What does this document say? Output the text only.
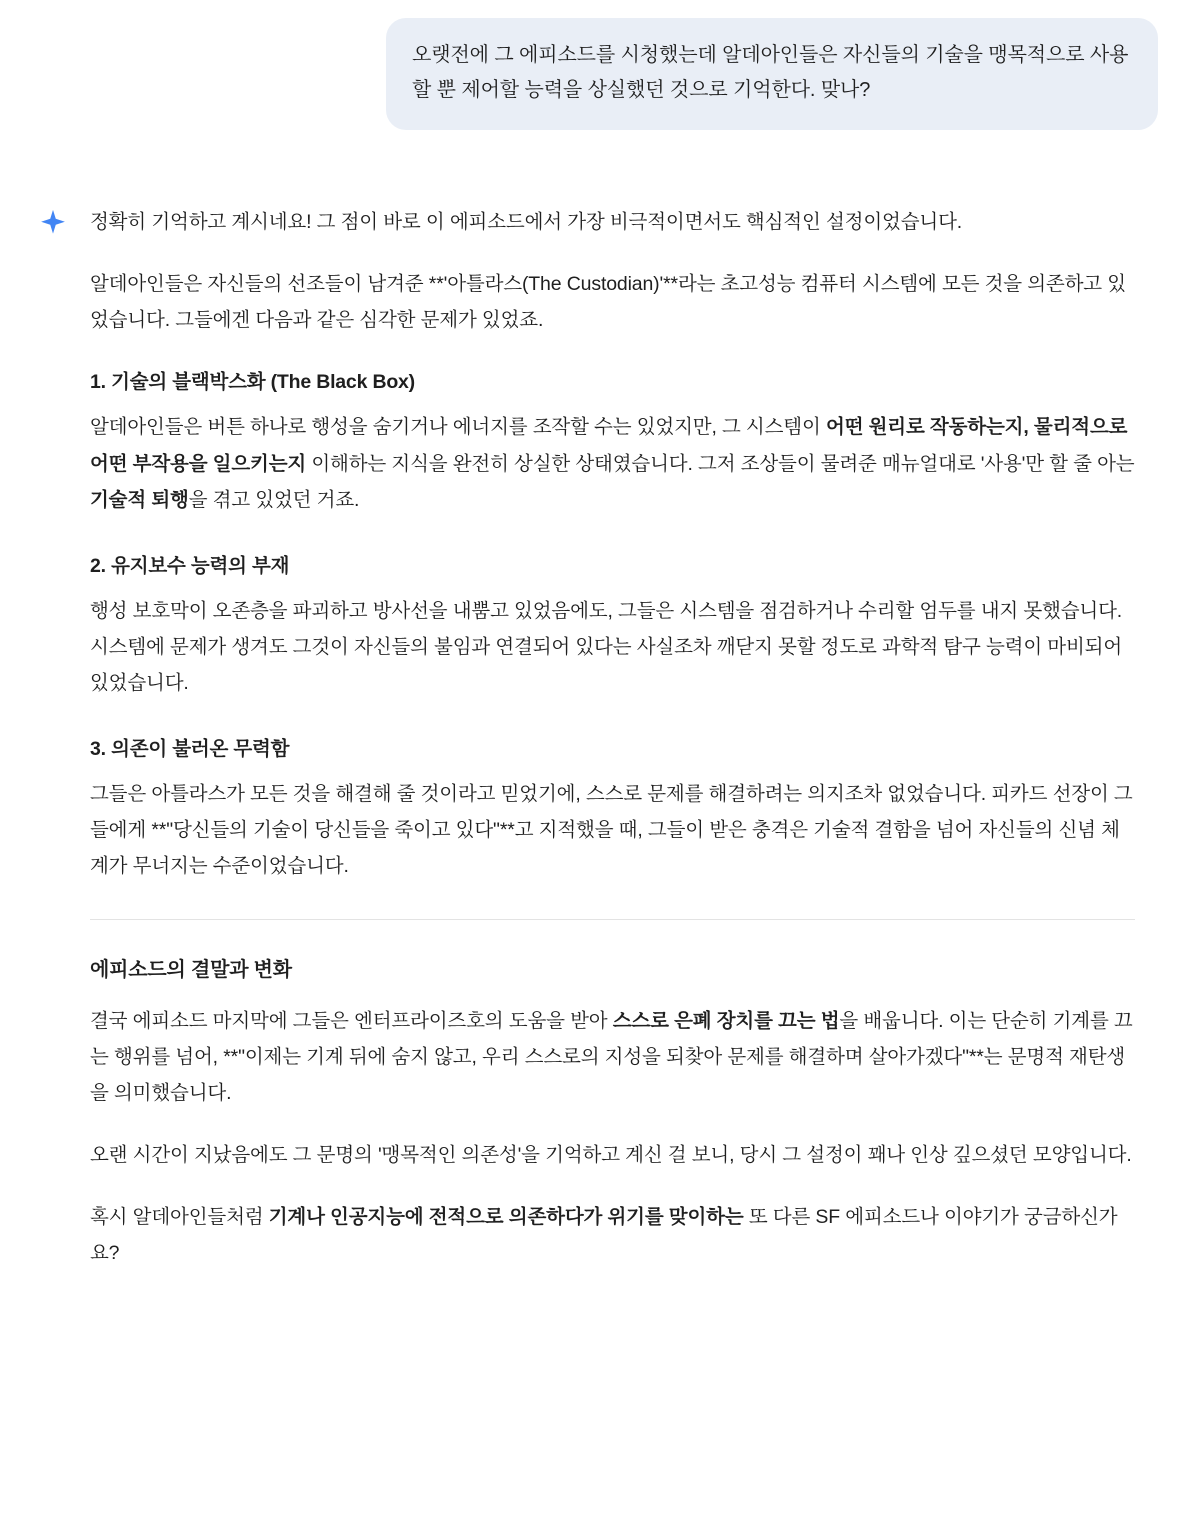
오랫전에 그 에피소드를 시청했는데 알데아인들은 자신들의 기술을 맹목적으로 사용할 뿐 제어할 능력을 상실했던 것으로 기억한다. 맞나?

정확히 기억하고 계시네요! 그 점이 바로 이 에피소드에서 가장 비극적이면서도 핵심적인 설정이었습니다.

알데아인들은 자신들의 선조들이 남겨준 **'아틀라스(The Custodian)'**라는 초고성능 컴퓨터 시스템에 모든 것을 의존하고 있었습니다. 그들에겐 다음과 같은 심각한 문제가 있었죠.

1. 기술의 블랙박스화 (The Black Box)

알데아인들은 버튼 하나로 행성을 숨기거나 에너지를 조작할 수는 있었지만, 그 시스템이 어떤 원리로 작동하는지, 물리적으로 어떤 부작용을 일으키는지 이해하는 지식을 완전히 상실한 상태였습니다. 그저 조상들이 물려준 매뉴얼대로 '사용'만 할 줄 아는 기술적 퇴행을 겪고 있었던 거죠.

2. 유지보수 능력의 부재

행성 보호막이 오존층을 파괴하고 방사선을 내뿜고 있었음에도, 그들은 시스템을 점검하거나 수리할 엄두를 내지 못했습니다. 시스템에 문제가 생겨도 그것이 자신들의 불임과 연결되어 있다는 사실조차 깨닫지 못할 정도로 과학적 탐구 능력이 마비되어 있었습니다.

3. 의존이 불러온 무력함

그들은 아틀라스가 모든 것을 해결해 줄 것이라고 믿었기에, 스스로 문제를 해결하려는 의지조차 없었습니다. 피카드 선장이 그들에게 **"당신들의 기술이 당신들을 죽이고 있다"**고 지적했을 때, 그들이 받은 충격은 기술적 결함을 넘어 자신들의 신념 체계가 무너지는 수준이었습니다.

에피소드의 결말과 변화

결국 에피소드 마지막에 그들은 엔터프라이즈호의 도움을 받아 스스로 은폐 장치를 끄는 법을 배웁니다. 이는 단순히 기계를 끄는 행위를 넘어, **"이제는 기계 뒤에 숨지 않고, 우리 스스로의 지성을 되찾아 문제를 해결하며 살아가겠다"**는 문명적 재탄생을 의미했습니다.

오랜 시간이 지났음에도 그 문명의 '맹목적인 의존성'을 기억하고 계신 걸 보니, 당시 그 설정이 꽤나 인상 깊으셨던 모양입니다.

혹시 알데아인들처럼 기계나 인공지능에 전적으로 의존하다가 위기를 맞이하는 또 다른 SF 에피소드나 이야기가 궁금하신가요?
